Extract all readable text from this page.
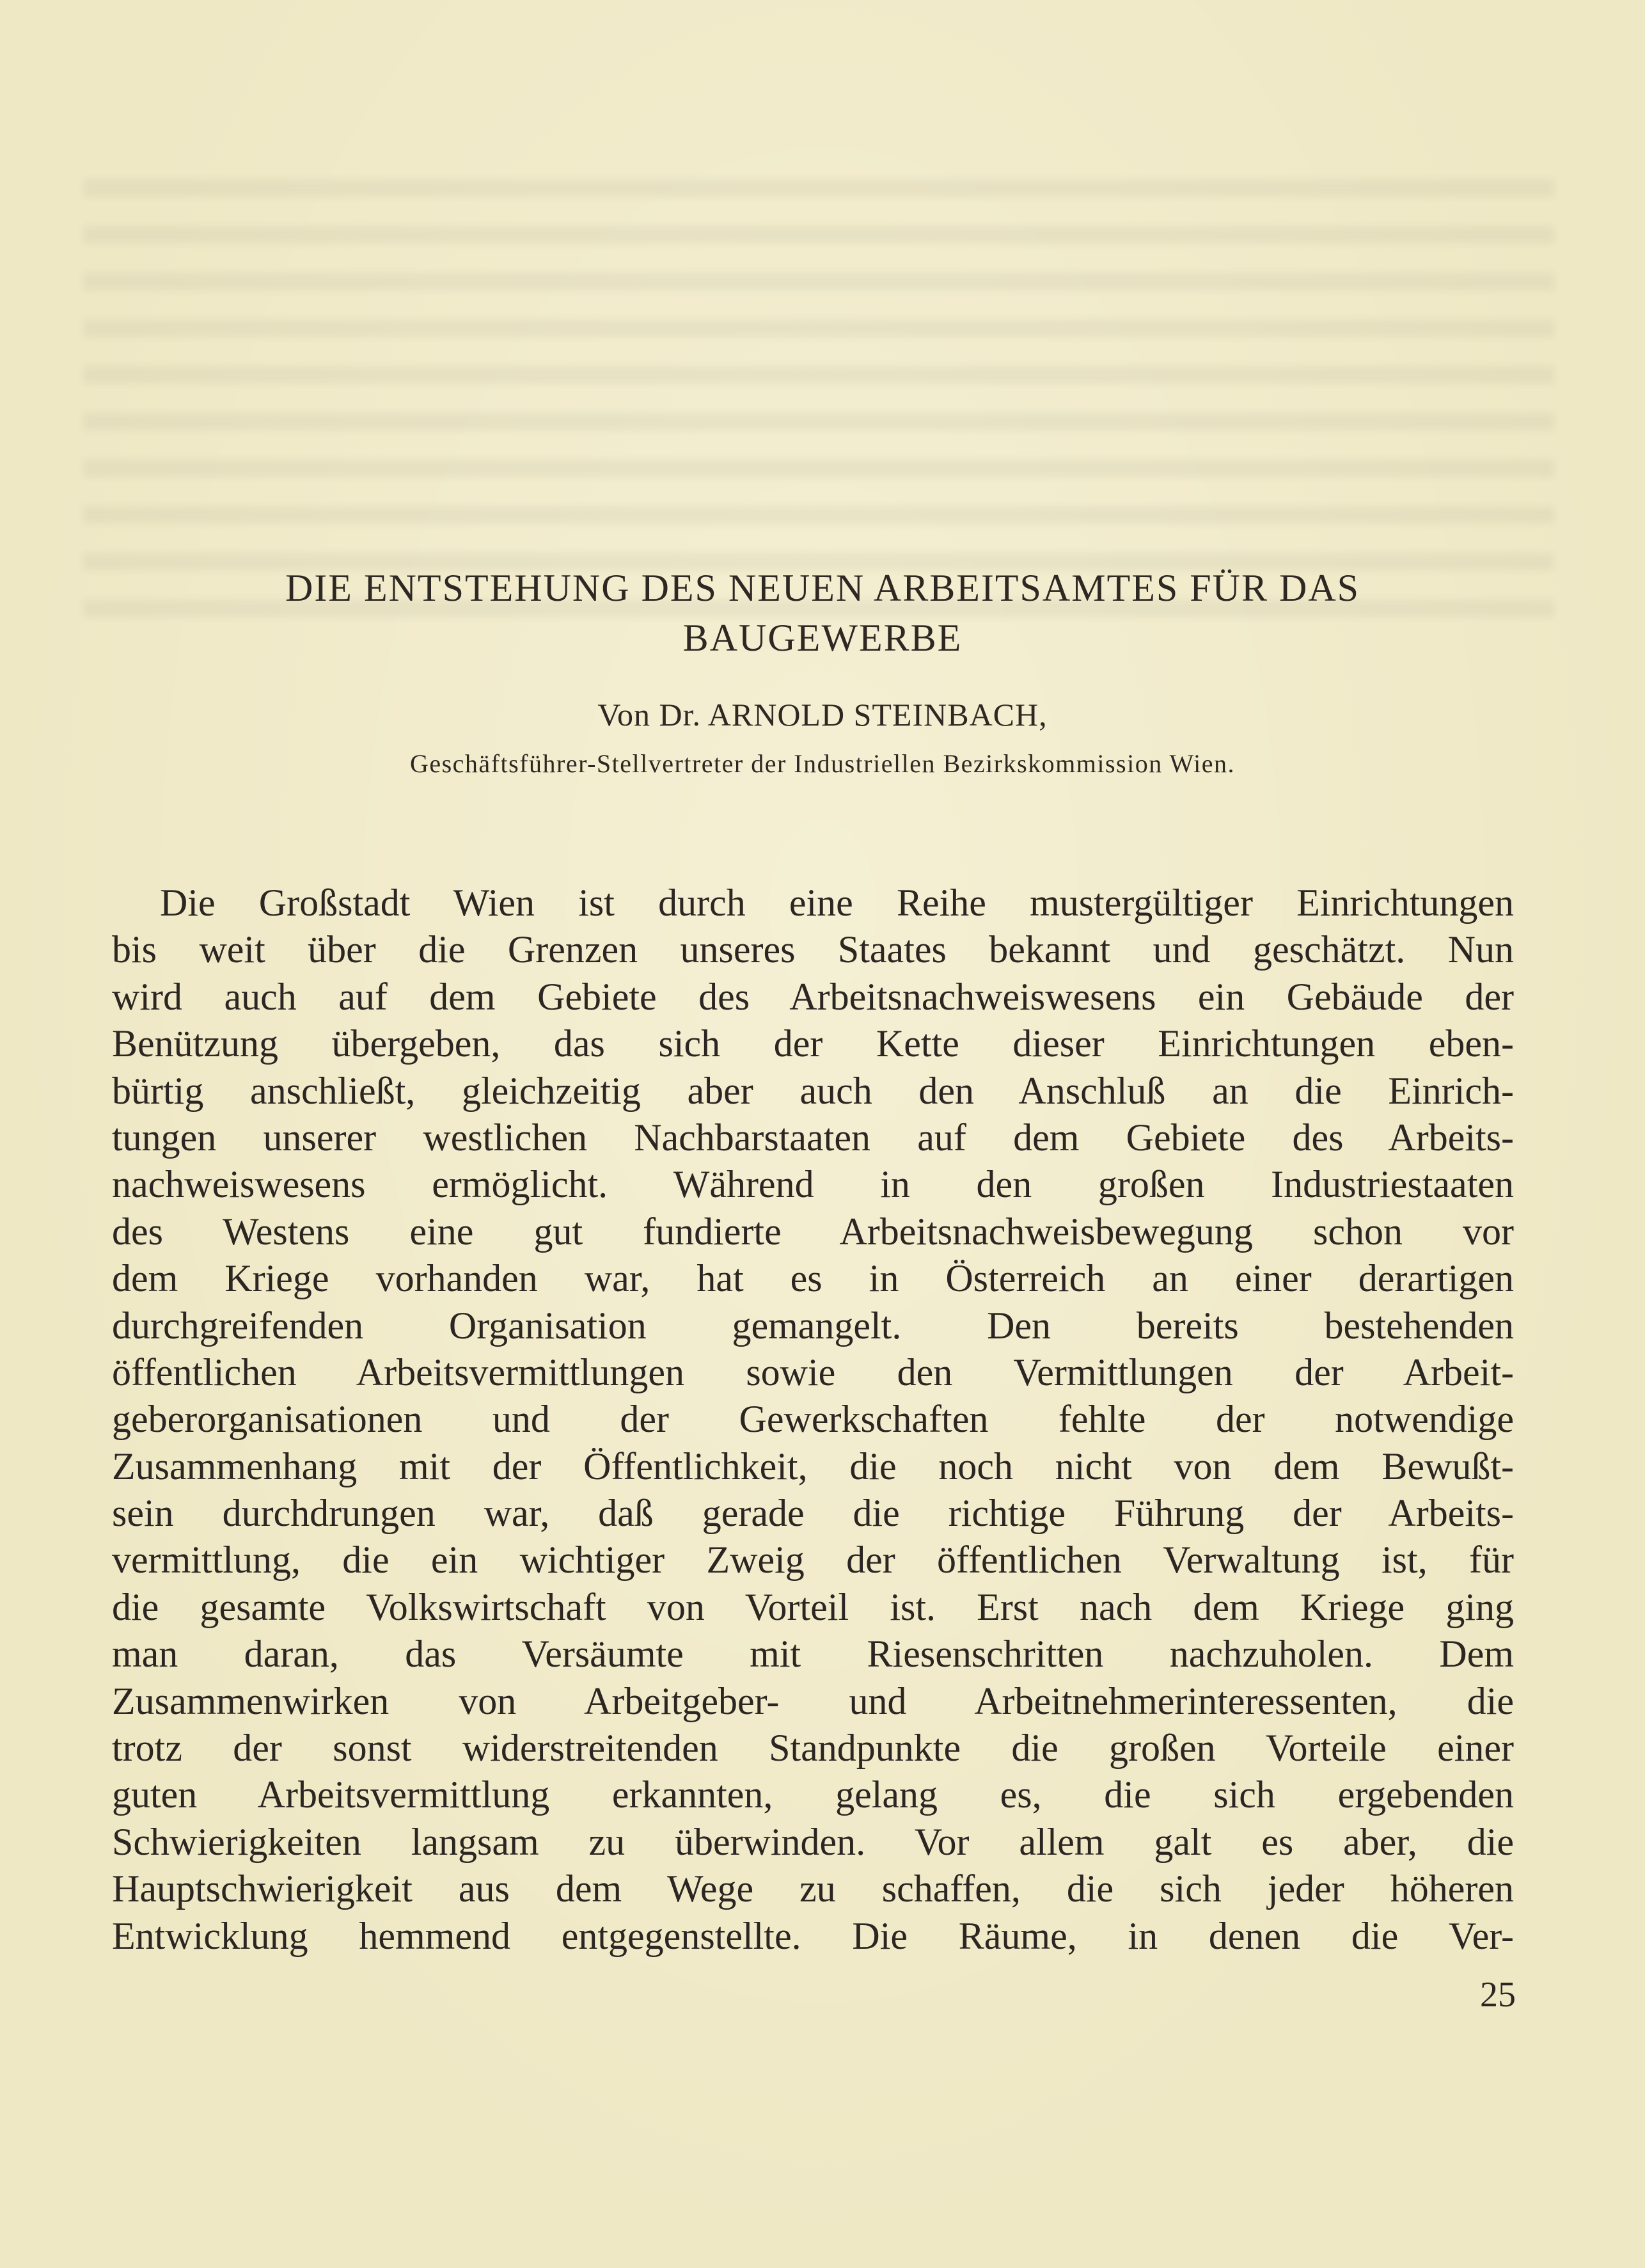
DIE ENTSTEHUNG DES NEUEN ARBEITSAMTES FÜR DAS
BAUGEWERBE
Von Dr. ARNOLD STEINBACH,
Geschäftsführer-Stellvertreter der Industriellen Bezirkskommission Wien.
Die Großstadt Wien ist durch eine Reihe mustergültiger Einrichtungen
bis weit über die Grenzen unseres Staates bekannt und geschätzt. Nun
wird auch auf dem Gebiete des Arbeitsnachweiswesens ein Gebäude der
Benützung übergeben, das sich der Kette dieser Einrichtungen eben-
bürtig anschließt, gleichzeitig aber auch den Anschluß an die Einrich-
tungen unserer westlichen Nachbarstaaten auf dem Gebiete des Arbeits-
nachweiswesens ermöglicht. Während in den großen Industriestaaten
des Westens eine gut fundierte Arbeitsnachweisbewegung schon vor
dem Kriege vorhanden war, hat es in Österreich an einer derartigen
durchgreifenden Organisation gemangelt. Den bereits bestehenden
öffentlichen Arbeitsvermittlungen sowie den Vermittlungen der Arbeit-
geberorganisationen und der Gewerkschaften fehlte der notwendige
Zusammenhang mit der Öffentlichkeit, die noch nicht von dem Bewußt-
sein durchdrungen war, daß gerade die richtige Führung der Arbeits-
vermittlung, die ein wichtiger Zweig der öffentlichen Verwaltung ist, für
die gesamte Volkswirtschaft von Vorteil ist. Erst nach dem Kriege ging
man daran, das Versäumte mit Riesenschritten nachzuholen. Dem
Zusammenwirken von Arbeitgeber- und Arbeitnehmerinteressenten, die
trotz der sonst widerstreitenden Standpunkte die großen Vorteile einer
guten Arbeitsvermittlung erkannten, gelang es, die sich ergebenden
Schwierigkeiten langsam zu überwinden. Vor allem galt es aber, die
Hauptschwierigkeit aus dem Wege zu schaffen, die sich jeder höheren
Entwicklung hemmend entgegenstellte. Die Räume, in denen die Ver-
25
